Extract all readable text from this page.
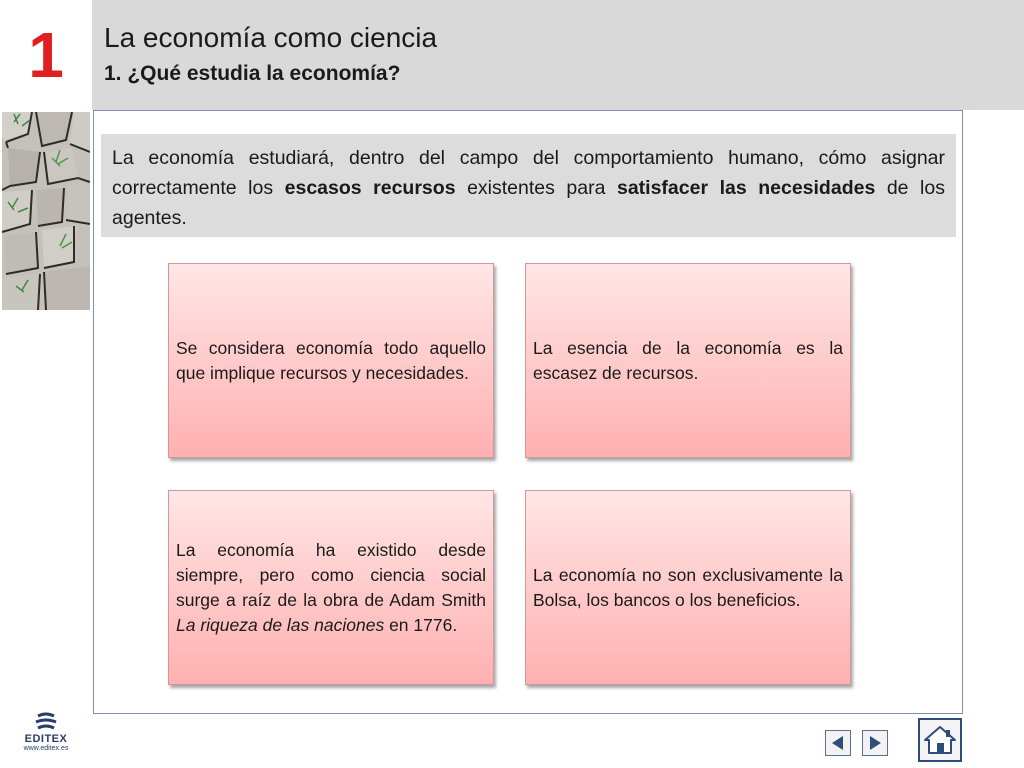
1	La economía como ciencia
1. ¿Qué estudia la economía?
La economía estudiará, dentro del campo del comportamiento humano, cómo asignar correctamente los escasos recursos existentes para satisfacer las necesidades de los agentes.

Se considera economía todo aquello que implique recursos y necesidades.

La esencia de la economía es la escasez de recursos.

La economía ha existido desde siempre, pero como ciencia social surge a raíz de la obra de Adam Smith La riqueza de las naciones en 1776.

La economía no son exclusivamente la Bolsa, los bancos o los beneficios.

EDITEX
www.editex.es
